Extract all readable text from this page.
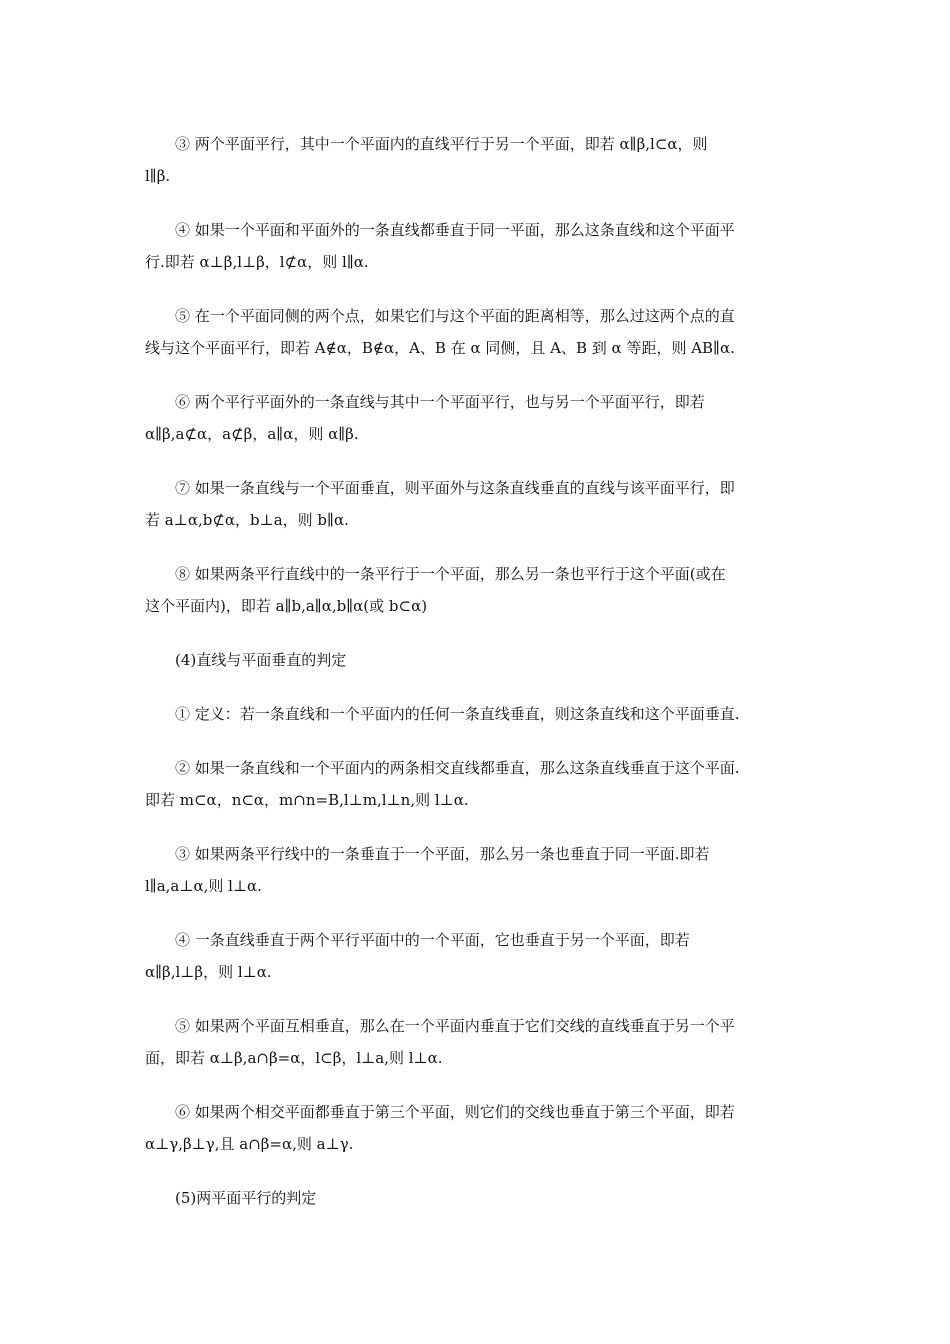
③ 两个平面平行，其中一个平面内的直线平行于另一个平面，即若 α∥β,l⊂α，则
l∥β.

④ 如果一个平面和平面外的一条直线都垂直于同一平面，那么这条直线和这个平面平
行.即若 α⊥β,l⊥β，l⊄α，则 l∥α.

⑤ 在一个平面同侧的两个点，如果它们与这个平面的距离相等，那么过这两个点的直
线与这个平面平行，即若 A∉α，B∉α，A、B 在 α 同侧，且 A、B 到 α 等距，则 AB∥α.

⑥ 两个平行平面外的一条直线与其中一个平面平行，也与另一个平面平行，即若
α∥β,a⊄α，a⊄β，a∥α，则 α∥β.

⑦ 如果一条直线与一个平面垂直，则平面外与这条直线垂直的直线与该平面平行，即
若 a⊥α,b⊄α，b⊥a，则 b∥α.

⑧ 如果两条平行直线中的一条平行于一个平面，那么另一条也平行于这个平面(或在
这个平面内)，即若 a∥b,a∥α,b∥α(或 b⊂α)

(4)直线与平面垂直的判定

① 定义：若一条直线和一个平面内的任何一条直线垂直，则这条直线和这个平面垂直.

② 如果一条直线和一个平面内的两条相交直线都垂直，那么这条直线垂直于这个平面.
即若 m⊂α，n⊂α，m∩n=B,l⊥m,l⊥n,则 l⊥α.

③ 如果两条平行线中的一条垂直于一个平面，那么另一条也垂直于同一平面.即若
l∥a,a⊥α,则 l⊥α.

④ 一条直线垂直于两个平行平面中的一个平面，它也垂直于另一个平面，即若
α∥β,l⊥β，则 l⊥α.

⑤ 如果两个平面互相垂直，那么在一个平面内垂直于它们交线的直线垂直于另一个平
面，即若 α⊥β,a∩β=α，l⊂β，l⊥a,则 l⊥α.

⑥ 如果两个相交平面都垂直于第三个平面，则它们的交线也垂直于第三个平面，即若
α⊥γ,β⊥γ,且 a∩β=α,则 a⊥γ.

(5)两平面平行的判定
